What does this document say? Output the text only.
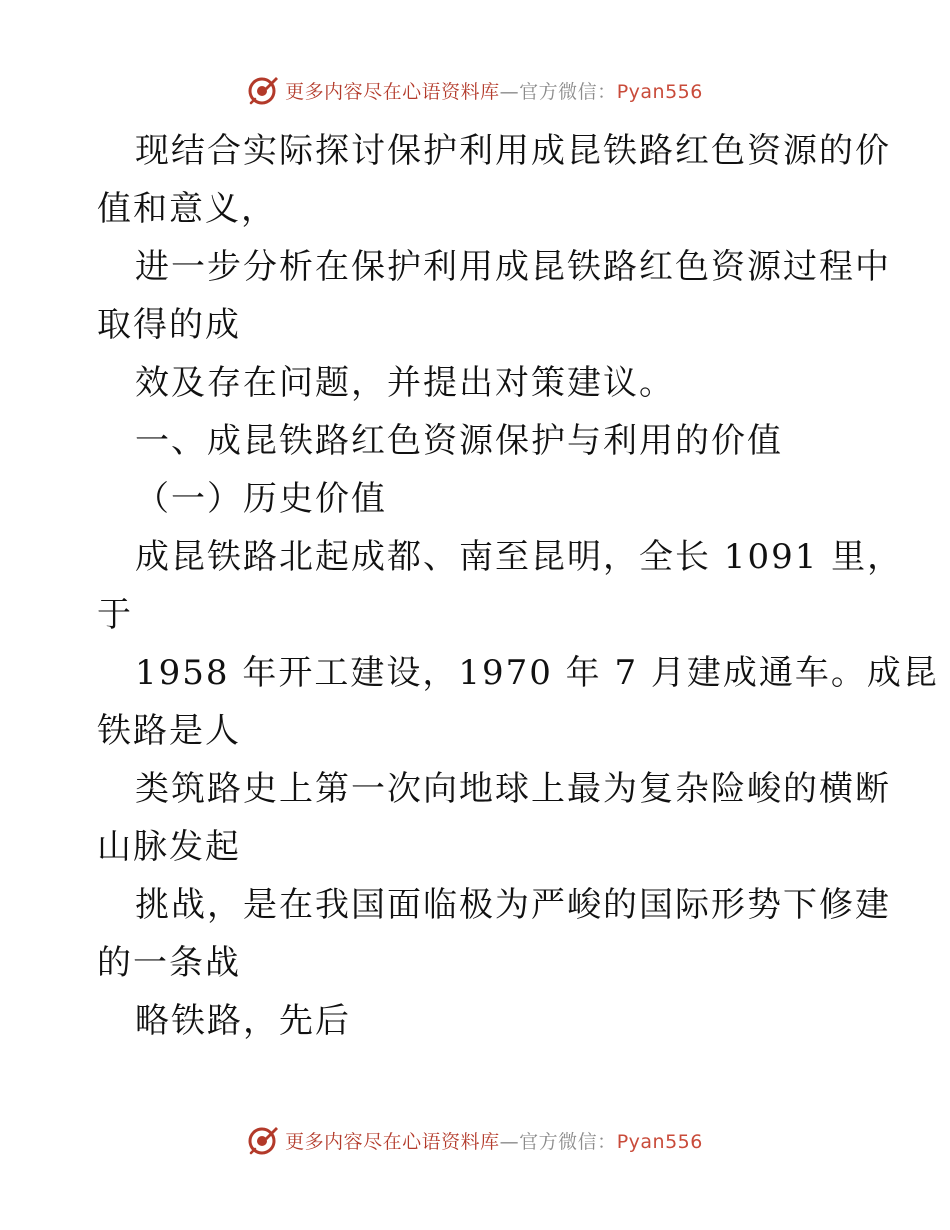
更多内容尽在心语资料库—官方微信：Pyan556
现结合实际探讨保护利用成昆铁路红色资源的价
值和意义，
进一步分析在保护利用成昆铁路红色资源过程中
取得的成
效及存在问题，并提出对策建议。
一、成昆铁路红色资源保护与利用的价值
（一）历史价值
成昆铁路北起成都、南至昆明，全长 1091 里，
于
1958 年开工建设，1970 年 7 月建成通车。成昆
铁路是人
类筑路史上第一次向地球上最为复杂险峻的横断
山脉发起
挑战，是在我国面临极为严峻的国际形势下修建
的一条战
略铁路，先后
更多内容尽在心语资料库—官方微信：Pyan556
